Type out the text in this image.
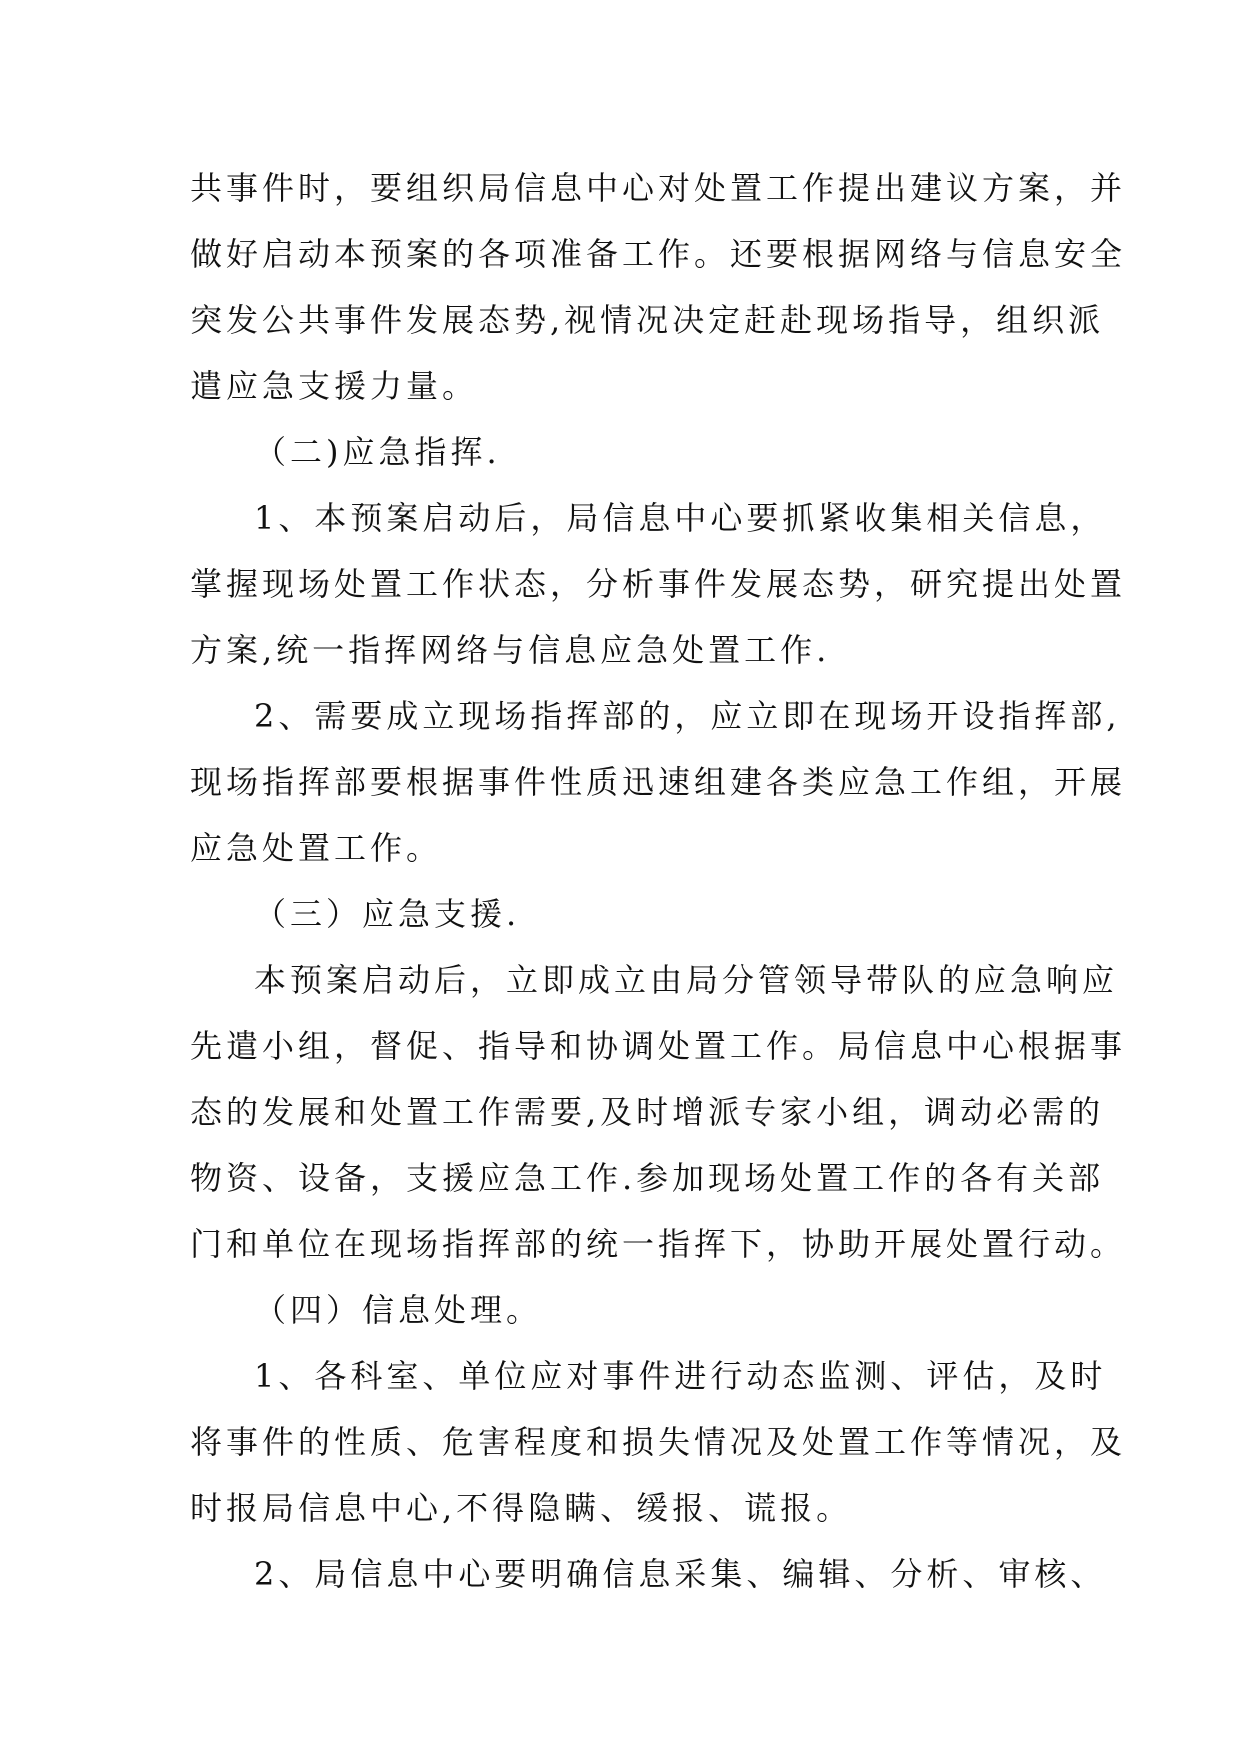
共事件时，要组织局信息中心对处置工作提出建议方案，并
做好启动本预案的各项准备工作。还要根据网络与信息安全
突发公共事件发展态势,视情况决定赶赴现场指导，组织派
遣应急支援力量。
（二)应急指挥.
1、本预案启动后，局信息中心要抓紧收集相关信息，
掌握现场处置工作状态，分析事件发展态势，研究提出处置
方案,统一指挥网络与信息应急处置工作.
2、需要成立现场指挥部的，应立即在现场开设指挥部,
现场指挥部要根据事件性质迅速组建各类应急工作组，开展
应急处置工作。
（三）应急支援.
本预案启动后，立即成立由局分管领导带队的应急响应
先遣小组，督促、指导和协调处置工作。局信息中心根据事
态的发展和处置工作需要,及时增派专家小组，调动必需的
物资、设备，支援应急工作.参加现场处置工作的各有关部
门和单位在现场指挥部的统一指挥下，协助开展处置行动。
（四）信息处理。
1、各科室、单位应对事件进行动态监测、评估，及时
将事件的性质、危害程度和损失情况及处置工作等情况，及
时报局信息中心,不得隐瞒、缓报、谎报。
2、局信息中心要明确信息采集、编辑、分析、审核、
